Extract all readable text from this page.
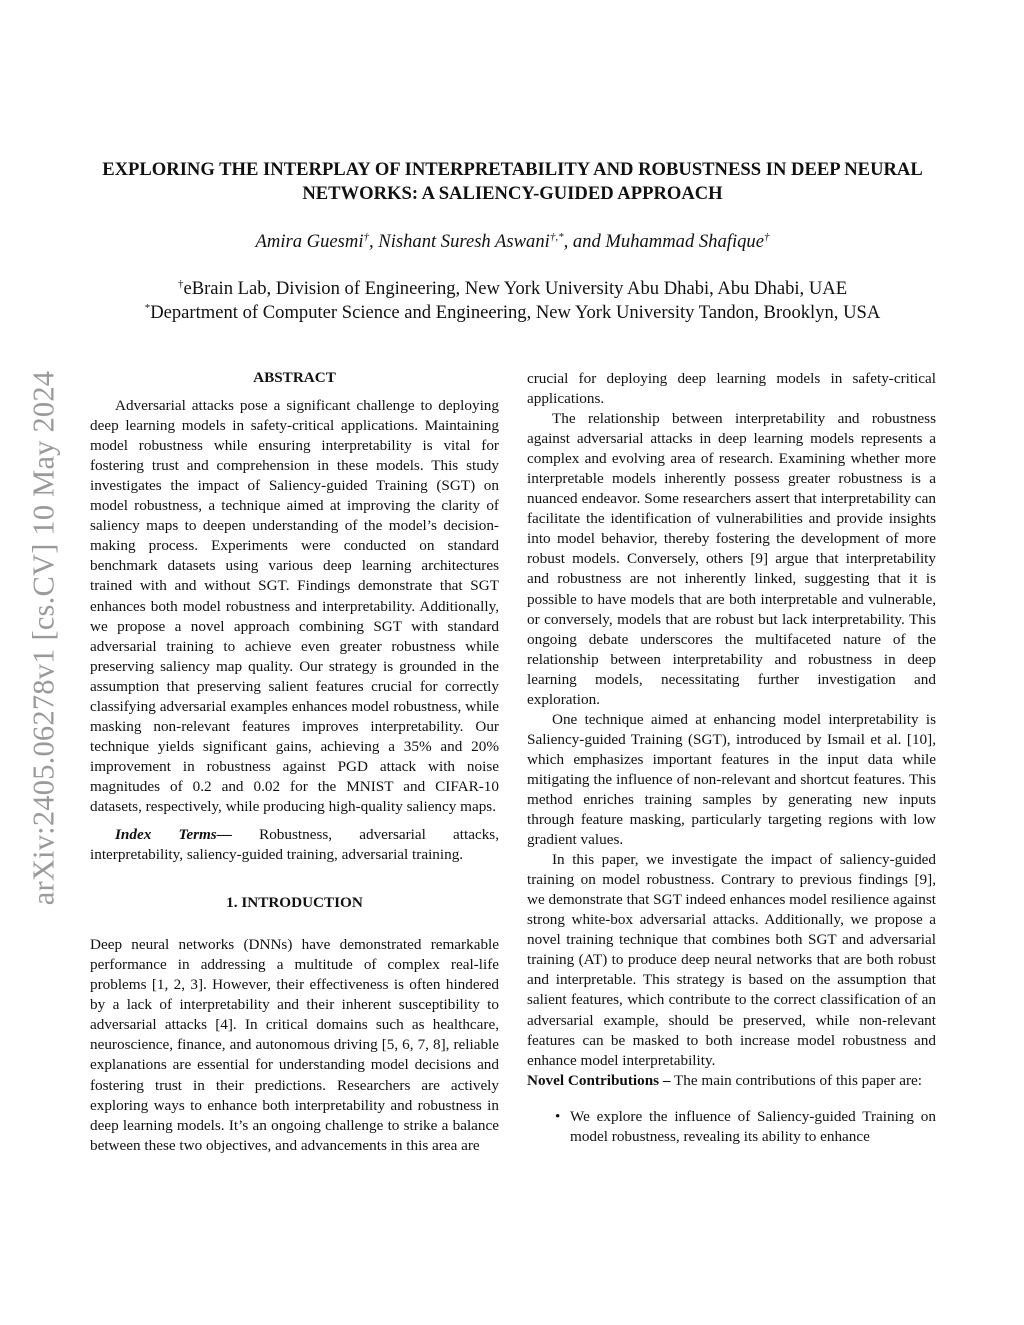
arXiv:2405.06278v1 [cs.CV] 10 May 2024
EXPLORING THE INTERPLAY OF INTERPRETABILITY AND ROBUSTNESS IN DEEP NEURAL NETWORKS: A SALIENCY-GUIDED APPROACH
Amira Guesmi†, Nishant Suresh Aswani†,*, and Muhammad Shafique†
†eBrain Lab, Division of Engineering, New York University Abu Dhabi, Abu Dhabi, UAE
*Department of Computer Science and Engineering, New York University Tandon, Brooklyn, USA
ABSTRACT

Adversarial attacks pose a significant challenge to deploying deep learning models in safety-critical applications. Maintaining model robustness while ensuring interpretability is vital for fostering trust and comprehension in these models. This study investigates the impact of Saliency-guided Training (SGT) on model robustness, a technique aimed at improving the clarity of saliency maps to deepen understanding of the model’s decision-making process. Experiments were conducted on standard benchmark datasets using various deep learning architectures trained with and without SGT. Findings demonstrate that SGT enhances both model robustness and interpretability. Additionally, we propose a novel approach combining SGT with standard adversarial training to achieve even greater robustness while preserving saliency map quality. Our strategy is grounded in the assumption that preserving salient features crucial for correctly classifying adversarial examples enhances model robustness, while masking non-relevant features improves interpretability. Our technique yields significant gains, achieving a 35% and 20% improvement in robustness against PGD attack with noise magnitudes of 0.2 and 0.02 for the MNIST and CIFAR-10 datasets, respectively, while producing high-quality saliency maps.

Index Terms— Robustness, adversarial attacks, interpretability, saliency-guided training, adversarial training.

1. INTRODUCTION

Deep neural networks (DNNs) have demonstrated remarkable performance in addressing a multitude of complex real-life problems [1, 2, 3]. However, their effectiveness is often hindered by a lack of interpretability and their inherent susceptibility to adversarial attacks [4]. In critical domains such as healthcare, neuroscience, finance, and autonomous driving [5, 6, 7, 8], reliable explanations are essential for understanding model decisions and fostering trust in their predictions. Researchers are actively exploring ways to enhance both interpretability and robustness in deep learning models. It’s an ongoing challenge to strike a balance between these two objectives, and advancements in this area are

crucial for deploying deep learning models in safety-critical applications.

The relationship between interpretability and robustness against adversarial attacks in deep learning models represents a complex and evolving area of research. Examining whether more interpretable models inherently possess greater robustness is a nuanced endeavor. Some researchers assert that interpretability can facilitate the identification of vulnerabilities and provide insights into model behavior, thereby fostering the development of more robust models. Conversely, others [9] argue that interpretability and robustness are not inherently linked, suggesting that it is possible to have models that are both interpretable and vulnerable, or conversely, models that are robust but lack interpretability. This ongoing debate underscores the multifaceted nature of the relationship between interpretability and robustness in deep learning models, necessitating further investigation and exploration.

One technique aimed at enhancing model interpretability is Saliency-guided Training (SGT), introduced by Ismail et al. [10], which emphasizes important features in the input data while mitigating the influence of non-relevant and shortcut features. This method enriches training samples by generating new inputs through feature masking, particularly targeting regions with low gradient values.

In this paper, we investigate the impact of saliency-guided training on model robustness. Contrary to previous findings [9], we demonstrate that SGT indeed enhances model resilience against strong white-box adversarial attacks. Additionally, we propose a novel training technique that combines both SGT and adversarial training (AT) to produce deep neural networks that are both robust and interpretable. This strategy is based on the assumption that salient features, which contribute to the correct classification of an adversarial example, should be preserved, while non-relevant features can be masked to both increase model robustness and enhance model interpretability.

Novel Contributions – The main contributions of this paper are:

• We explore the influence of Saliency-guided Training on model robustness, revealing its ability to enhance
